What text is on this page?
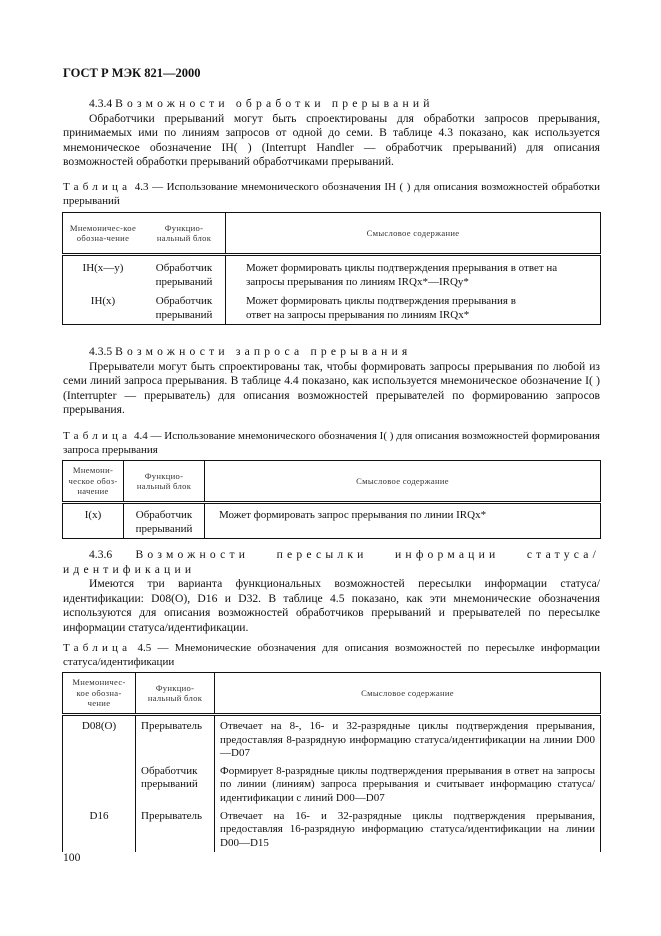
ГОСТ Р МЭК 821—2000
4.3.4 Возможности обработки прерываний

Обработчики прерываний могут быть спроектированы для обработки запросов прерывания, принимаемых ими по линиям запросов от одной до семи. В таблице 4.3 показано, как используется мнемоническое обозначение IH( ) (Interrupt Handler — обработчик прерываний) для описания возможностей обработки прерываний обработчиками прерываний.

Таблица 4.3 — Использование мнемонического обозначения IH ( ) для описания возможностей обработки прерываний
Мнемоничес-кое обозна-чение	Функцио-нальный блок	Смысловое содержание
IH(x—y)	Обработчик прерываний	Может формировать циклы подтверждения прерывания в ответ на запросы прерывания по линиям IRQx*—IRQy*
IH(x)	Обработчик прерываний	Может формировать циклы подтверждения прерывания в ответ на запросы прерывания по линиям IRQx*
4.3.5 Возможности запроса прерывания

Прерыватели могут быть спроектированы так, чтобы формировать запросы прерывания по любой из семи линий запроса прерывания. В таблице 4.4 показано, как используется мнемоническое обозначение I( ) (Interrupter — прерыватель) для описания возможностей прерывателей по формированию запросов прерывания.

Таблица 4.4 — Использование мнемонического обозначения I( ) для описания возможностей формирования запроса прерывания
Мнемони-ческое обоз-начение	Функцио-нальный блок	Смысловое содержание
I(x)	Обработчик прерываний	Может формировать запрос прерывания по линии IRQx*
4.3.6 Возможности пересылки информации статуса/идентификации

Имеются три варианта функциональных возможностей пересылки информации статуса/идентификации: D08(O), D16 и D32. В таблице 4.5 показано, как эти мнемонические обозначения используются для описания возможностей обработчиков прерываний и прерывателей по пересылке информации статуса/идентификации.

Таблица 4.5 — Мнемонические обозначения для описания возможностей по пересылке информации статуса/идентификации
Мнемоничес-кое обозна-чение	Функцио-нальный блок	Смысловое содержание
D08(O)	Прерыватель	Отвечает на 8-, 16- и 32-разрядные циклы подтверждения прерывания, предоставляя 8-разрядную информацию статуса/идентификации на линии D00—D07
	Обработчик прерываний	Формирует 8-разрядные циклы подтверждения прерывания в ответ на запросы по линии (линиям) запроса прерывания и считывает информацию статуса/идентификации с линий D00—D07
D16	Прерыватель	Отвечает на 16- и 32-разрядные циклы подтверждения прерывания, предоставляя 16-разрядную информацию статуса/идентификации на линии D00—D15
100
